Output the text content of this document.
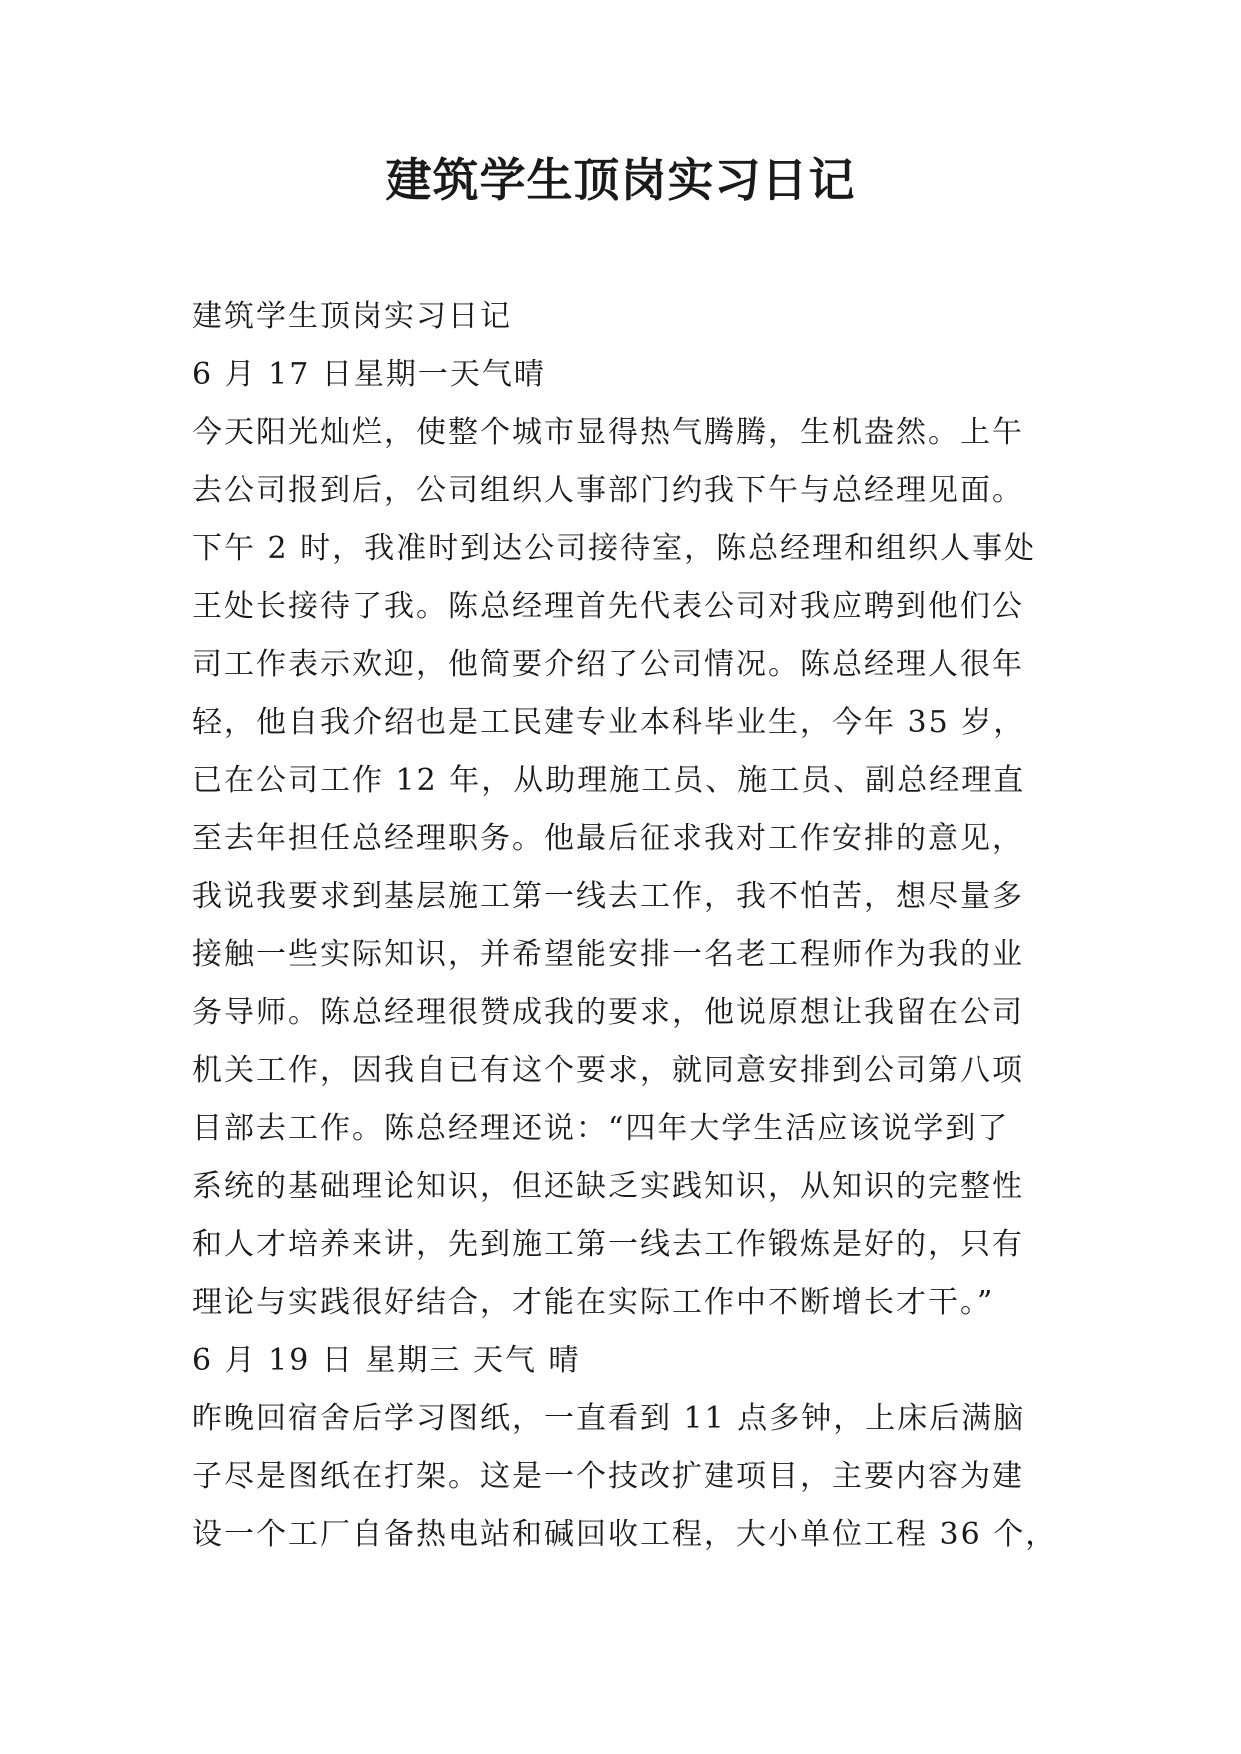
建筑学生顶岗实习日记
建筑学生顶岗实习日记
6 月 17 日星期一天气晴
今天阳光灿烂，使整个城市显得热气腾腾，生机盎然。上午
去公司报到后，公司组织人事部门约我下午与总经理见面。
下午 2 时，我准时到达公司接待室，陈总经理和组织人事处
王处长接待了我。陈总经理首先代表公司对我应聘到他们公
司工作表示欢迎，他简要介绍了公司情况。陈总经理人很年
轻，他自我介绍也是工民建专业本科毕业生，今年 35 岁，
已在公司工作 12 年，从助理施工员、施工员、副总经理直
至去年担任总经理职务。他最后征求我对工作安排的意见，
我说我要求到基层施工第一线去工作，我不怕苦，想尽量多
接触一些实际知识，并希望能安排一名老工程师作为我的业
务导师。陈总经理很赞成我的要求，他说原想让我留在公司
机关工作，因我自已有这个要求，就同意安排到公司第八项
目部去工作。陈总经理还说：“四年大学生活应该说学到了
系统的基础理论知识，但还缺乏实践知识，从知识的完整性
和人才培养来讲，先到施工第一线去工作锻炼是好的，只有
理论与实践很好结合，才能在实际工作中不断增长才干。”
6 月 19 日 星期三 天气 晴
昨晚回宿舍后学习图纸，一直看到 11 点多钟，上床后满脑
子尽是图纸在打架。这是一个技改扩建项目，主要内容为建
设一个工厂自备热电站和碱回收工程，大小单位工程 36 个，
